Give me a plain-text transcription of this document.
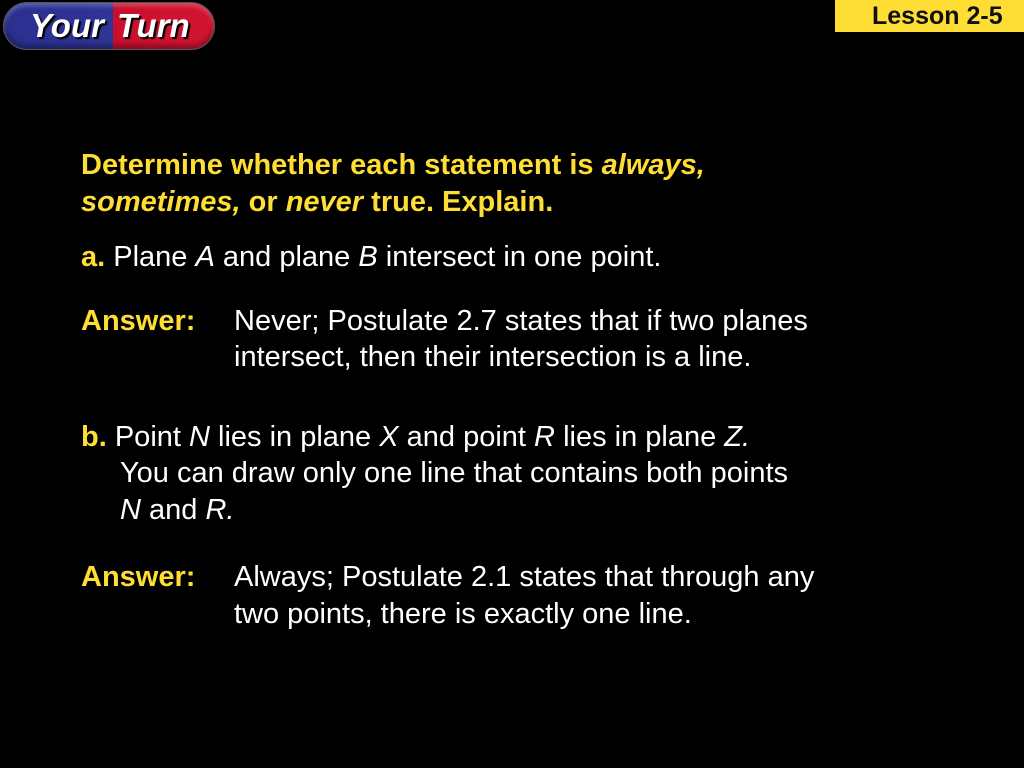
Your Turn	Lesson 2-5
Determine whether each statement is always,
sometimes, or never true. Explain.
a. Plane A and plane B intersect in one point.
Answer: Never; Postulate 2.7 states that if two planes
intersect, then their intersection is a line.
b. Point N lies in plane X and point R lies in plane Z.
You can draw only one line that contains both points
N and R.
Answer: Always; Postulate 2.1 states that through any
two points, there is exactly one line.
